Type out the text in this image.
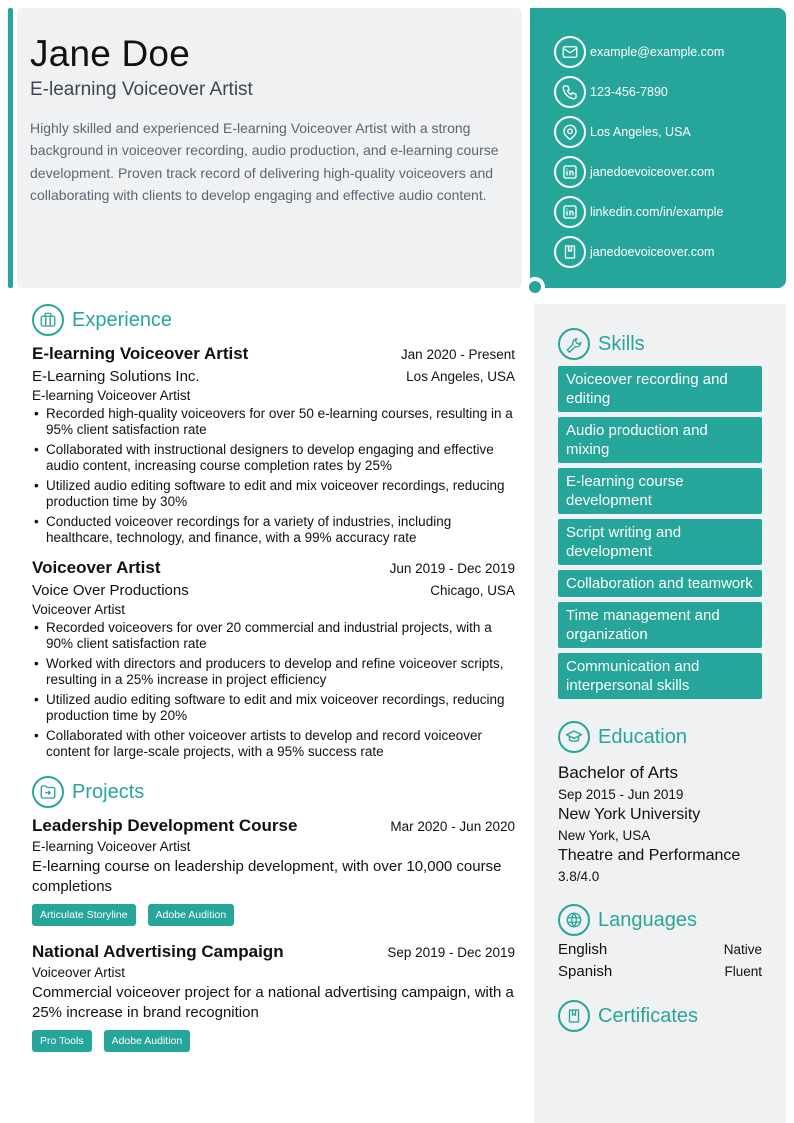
Jane Doe
E-learning Voiceover Artist

Highly skilled and experienced E-learning Voiceover Artist with a strong background in voiceover recording, audio production, and e-learning course development. Proven track record of delivering high-quality voiceovers and collaborating with clients to develop engaging and effective audio content.

example@example.com
123-456-7890
Los Angeles, USA
janedoevoiceover.com
linkedin.com/in/example
janedoevoiceover.com
Experience
E-learning Voiceover Artist	Jan 2020 - Present
E-Learning Solutions Inc.	Los Angeles, USA
E-learning Voiceover Artist
• Recorded high-quality voiceovers for over 50 e-learning courses, resulting in a 95% client satisfaction rate
• Collaborated with instructional designers to develop engaging and effective audio content, increasing course completion rates by 25%
• Utilized audio editing software to edit and mix voiceover recordings, reducing production time by 30%
• Conducted voiceover recordings for a variety of industries, including healthcare, technology, and finance, with a 99% accuracy rate
Voiceover Artist	Jun 2019 - Dec 2019
Voice Over Productions	Chicago, USA
Voiceover Artist
• Recorded voiceovers for over 20 commercial and industrial projects, with a 90% client satisfaction rate
• Worked with directors and producers to develop and refine voiceover scripts, resulting in a 25% increase in project efficiency
• Utilized audio editing software to edit and mix voiceover recordings, reducing production time by 20%
• Collaborated with other voiceover artists to develop and record voiceover content for large-scale projects, with a 95% success rate
Projects
Leadership Development Course	Mar 2020 - Jun 2020
E-learning Voiceover Artist
E-learning course on leadership development, with over 10,000 course completions
Articulate Storyline	Adobe Audition
National Advertising Campaign	Sep 2019 - Dec 2019
Voiceover Artist
Commercial voiceover project for a national advertising campaign, with a 25% increase in brand recognition
Pro Tools	Adobe Audition
Skills
Voiceover recording and editing
Audio production and mixing
E-learning course development
Script writing and development
Collaboration and teamwork
Time management and organization
Communication and interpersonal skills
Education
Bachelor of Arts
Sep 2015 - Jun 2019
New York University
New York, USA
Theatre and Performance
3.8/4.0
Languages
English	Native
Spanish	Fluent
Certificates
